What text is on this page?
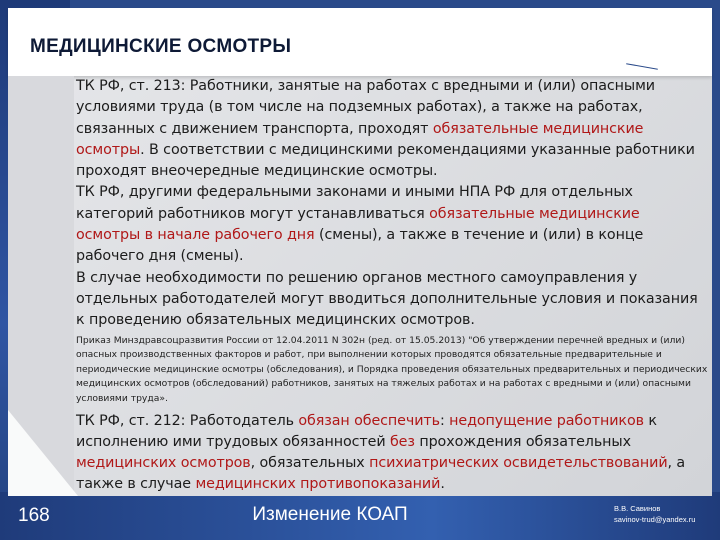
МЕДИЦИНСКИЕ ОСМОТРЫ

ТК РФ, ст. 213: Работники, занятые на работах с вредными и (или) опасными условиями труда (в том числе на подземных работах), а также на работах, связанных с движением транспорта, проходят обязательные медицинские осмотры. В соответствии с медицинскими рекомендациями указанные работники проходят внеочередные медицинские осмотры.

ТК РФ, другими федеральными законами и иными НПА РФ для отдельных категорий работников могут устанавливаться обязательные медицинские осмотры в начале рабочего дня (смены), а также в течение и (или) в конце рабочего дня (смены).

В случае необходимости по решению органов местного самоуправления у отдельных работодателей могут вводиться дополнительные условия и показания к проведению обязательных медицинских осмотров.

Приказ Минздравсоцразвития России от 12.04.2011 N 302н (ред. от 15.05.2013) "Об утверждении перечней вредных и (или) опасных производственных факторов и работ, при выполнении которых проводятся обязательные предварительные и периодические медицинские осмотры (обследования), и Порядка проведения обязательных предварительных и периодических медицинских осмотров (обследований) работников, занятых на тяжелых работах и на работах с вредными и (или) опасными условиями труда».

ТК РФ, ст. 212: Работодатель обязан обеспечить: недопущение работников к исполнению ими трудовых обязанностей без прохождения обязательных медицинских осмотров, обязательных психиатрических освидетельствований, а также в случае медицинских противопоказаний.

168	Изменение КОАП	В.В. Савинов
savinov-trud@yandex.ru
